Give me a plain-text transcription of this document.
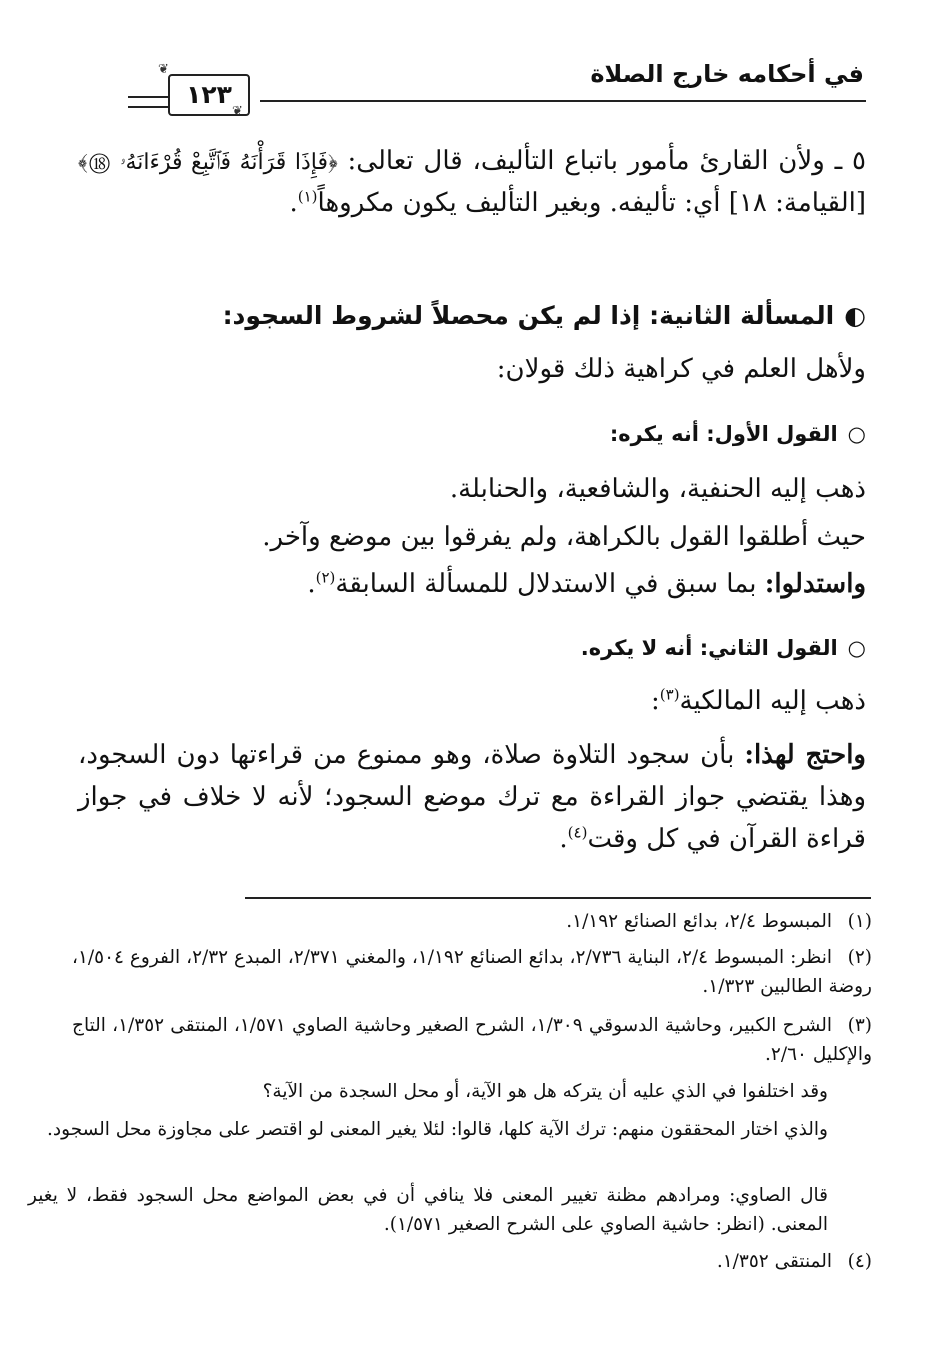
في أحكامه خارج الصلاة
١٢٣
❦
❦
٥ ـ ولأن القارئ مأمور باتباع التأليف، قال تعالى: ﴿فَإِذَا قَرَأْنَهُ فَٱتَّبِعْ قُرْءَانَهُۥ ⑱﴾ [القيامة: ١٨] أي: تأليفه. وبغير التأليف يكون مكروهاً$^{(١)}$.
◐المسألة الثانية: إذا لم يكن محصلاً لشروط السجود:
ولأهل العلم في كراهية ذلك قولان:
○القول الأول: أنه يكره:
ذهب إليه الحنفية، والشافعية، والحنابلة.
حيث أطلقوا القول بالكراهة، ولم يفرقوا بين موضع وآخر.
واستدلوا: بما سبق في الاستدلال للمسألة السابقة$^{(٢)}$.
○القول الثاني: أنه لا يكره.
ذهب إليه المالكية$^{(٣)}$:
واحتج لهذا: بأن سجود التلاوة صلاة، وهو ممنوع من قراءتها دون السجود، وهذا يقتضي جواز القراءة مع ترك موضع السجود؛ لأنه لا خلاف في جواز قراءة القرآن في كل وقت$^{(٤)}$.
(١)المبسوط ٢/٤، بدائع الصنائع ١/١٩٢.
(٢)انظر: المبسوط ٢/٤، البناية ٢/٧٣٦، بدائع الصنائع ١/١٩٢، والمغني ٢/٣٧١، المبدع ٢/٣٢، الفروع ١/٥٠٤، روضة الطالبين ١/٣٢٣.
(٣)الشرح الكبير، وحاشية الدسوقي ١/٣٠٩، الشرح الصغير وحاشية الصاوي ١/٥٧١، المنتقى ١/٣٥٢، التاج والإكليل ٢/٦٠.
وقد اختلفوا في الذي عليه أن يتركه هل هو الآية، أو محل السجدة من الآية؟
والذي اختار المحققون منهم: ترك الآية كلها، قالوا: لئلا يغير المعنى لو اقتصر على مجاوزة محل السجود.
قال الصاوي: ومرادهم مظنة تغيير المعنى فلا ينافي أن في بعض المواضع محل السجود فقط، لا يغير المعنى. (انظر: حاشية الصاوي على الشرح الصغير ١/٥٧١).
(٤)المنتقى ١/٣٥٢.
